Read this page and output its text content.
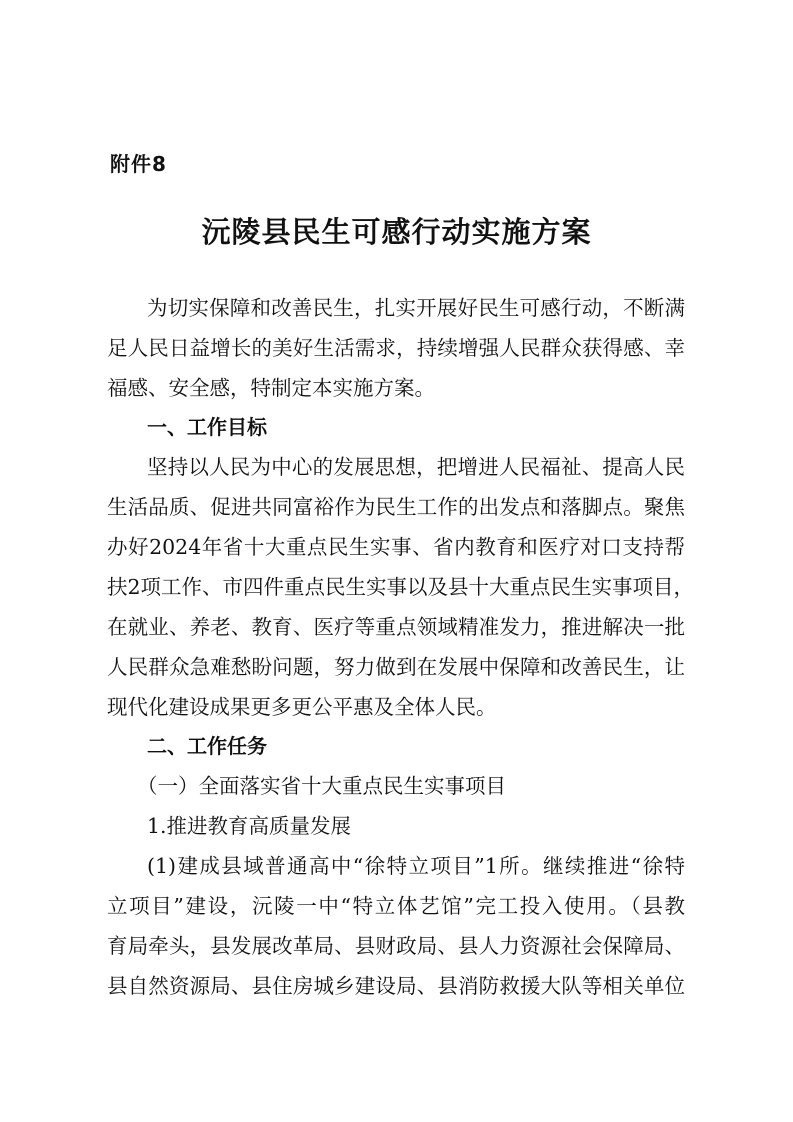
附件8
沅陵县民生可感行动实施方案
为切实保障和改善民生，扎实开展好民生可感行动，不断满
足人民日益增长的美好生活需求，持续增强人民群众获得感、幸
福感、安全感，特制定本实施方案。
一、工作目标
坚持以人民为中心的发展思想，把增进人民福祉、提高人民
生活品质、促进共同富裕作为民生工作的出发点和落脚点。聚焦
办好2024年省十大重点民生实事、省内教育和医疗对口支持帮
扶2项工作、市四件重点民生实事以及县十大重点民生实事项目，
在就业、养老、教育、医疗等重点领域精准发力，推进解决一批
人民群众急难愁盼问题，努力做到在发展中保障和改善民生，让
现代化建设成果更多更公平惠及全体人民。
二、工作任务
（一）全面落实省十大重点民生实事项目
1.推进教育高质量发展
(1)建成县域普通高中“徐特立项目”1所。继续推进“徐特
立项目”建设，沅陵一中“特立体艺馆”完工投入使用。（县教
育局牵头，县发展改革局、县财政局、县人力资源社会保障局、
县自然资源局、县住房城乡建设局、县消防救援大队等相关单位
